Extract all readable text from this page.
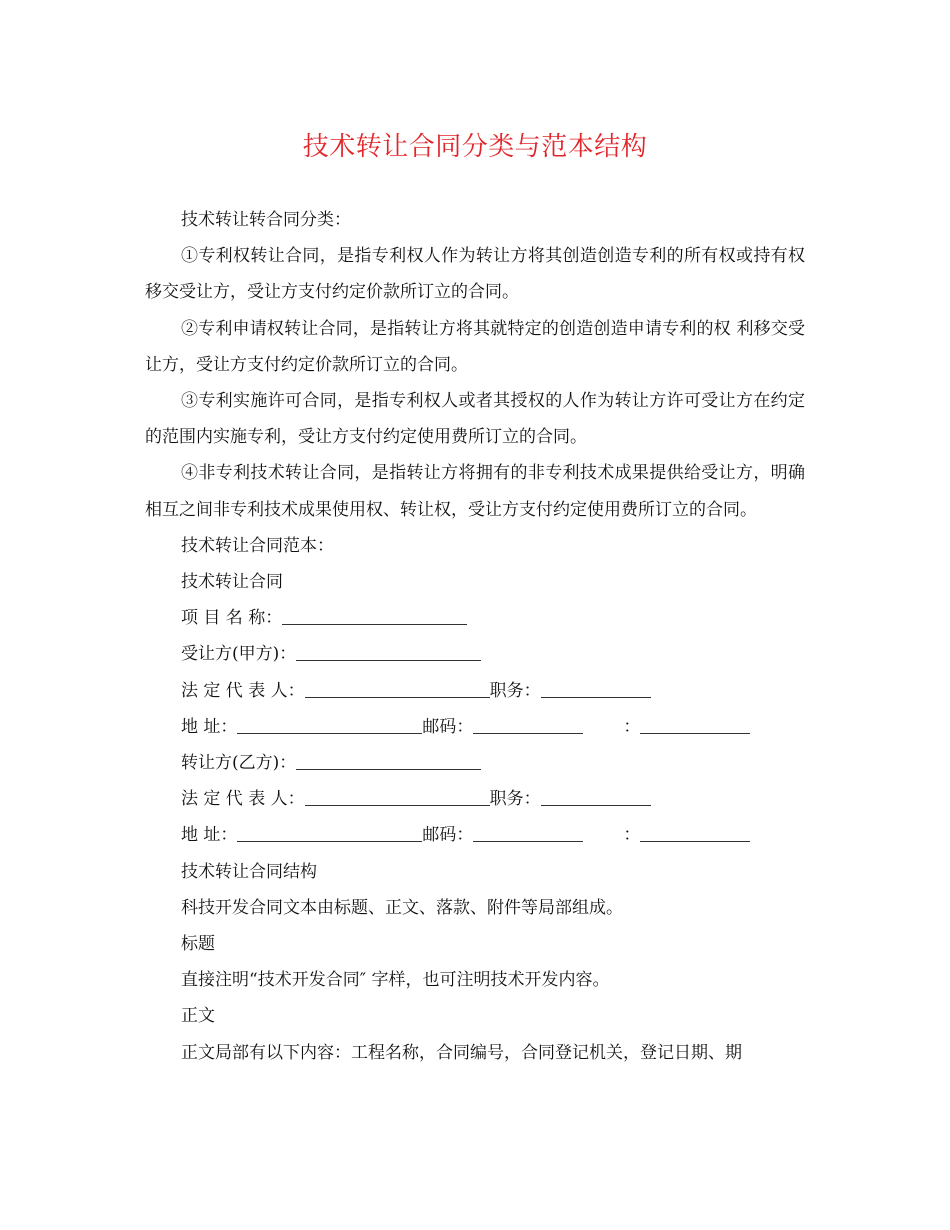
技术转让合同分类与范本结构

技术转让转合同分类：

①专利权转让合同，是指专利权人作为转让方将其创造创造专利的所有权或持有权移交受让方，受让方支付约定价款所订立的合同。

②专利申请权转让合同，是指转让方将其就特定的创造创造申请专利的权 利移交受让方，受让方支付约定价款所订立的合同。

③专利实施许可合同，是指专利权人或者其授权的人作为转让方许可受让方在约定的范围内实施专利，受让方支付约定使用费所订立的合同。

④非专利技术转让合同，是指转让方将拥有的非专利技术成果提供给受让方，明确相互之间非专利技术成果使用权、转让权，受让方支付约定使用费所订立的合同。

技术转让合同范本：

技术转让合同

项 目 名 称：

受让方(甲方)：

法 定 代 表 人：	职务：

地 址：	邮码：	：

转让方(乙方)：

法 定 代 表 人：	职务：

地 址：	邮码：	：

技术转让合同结构

科技开发合同文本由标题、正文、落款、附件等局部组成。

标题

直接注明“技术开发合同″ 字样，也可注明技术开发内容。

正文

正文局部有以下内容：工程名称，合同编号，合同登记机关，登记日期、期
